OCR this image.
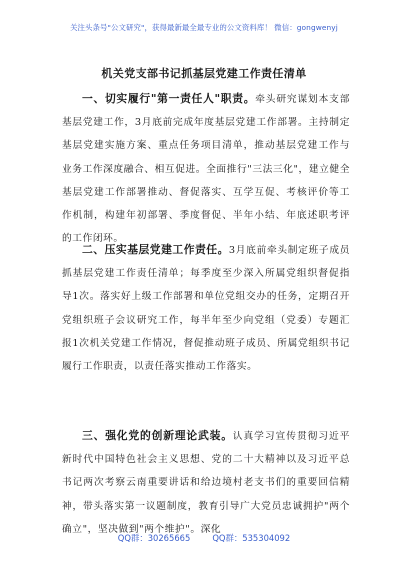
关注头条号"公文研究"，获得最新最全最专业的公文资料库！ 微信：gongwenyj
机关党支部书记抓基层党建工作责任清单

一、切实履行"第一责任人"职责。牵头研究谋划本支部基层党建工作，3月底前完成年度基层党建工作部署。主持制定基层党建实施方案、重点任务项目清单，推动基层党建工作与业务工作深度融合、相互促进。全面推行"三法三化"，建立健全基层党建工作部署推动、督促落实、互学互促、考核评价等工作机制，构建年初部署、季度督促、半年小结、年底述职考评的工作闭环。

二、压实基层党建工作责任。3月底前牵头制定班子成员抓基层党建工作责任清单；每季度至少深入所属党组织督促指导1次。落实好上级工作部署和单位党组交办的任务，定期召开党组织班子会议研究工作，每半年至少向党组（党委）专题汇报1次机关党建工作情况，督促推动班子成员、所属党组织书记履行工作职责，以责任落实推动工作落实。

三、强化党的创新理论武装。认真学习宣传贯彻习近平新时代中国特色社会主义思想、党的二十大精神以及习近平总书记两次考察云南重要讲话和给边境村老支书们的重要回信精神，带头落实第一议题制度，教育引导广大党员忠诚拥护"两个确立"，坚决做到"两个维护"。深化

QQ群：30265665	QQ群：535304092
